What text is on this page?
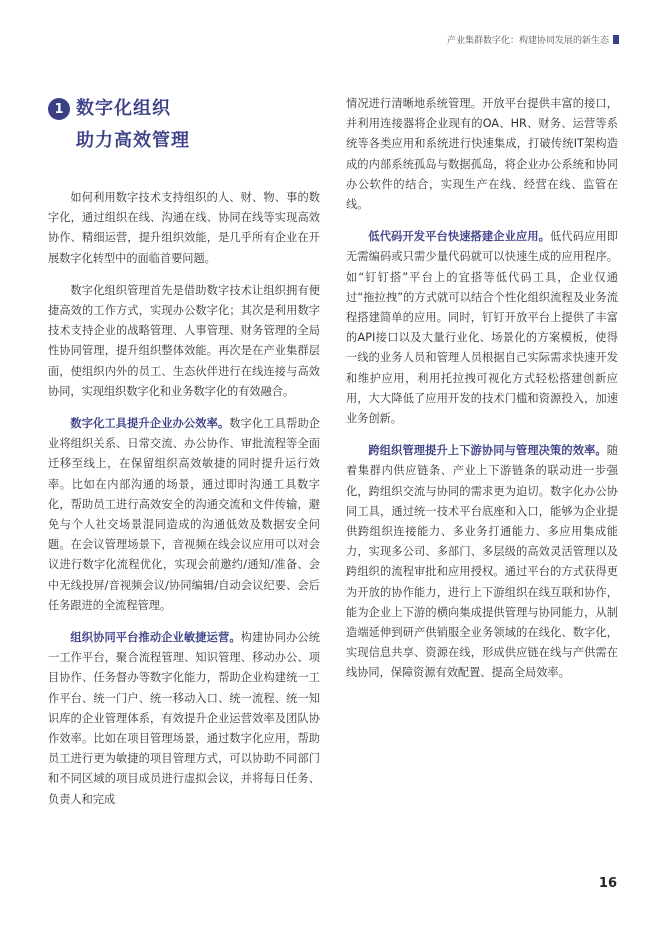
产业集群数字化：构建协同发展的新生态
1 数字化组织
助力高效管理

如何利用数字技术支持组织的人、财、物、事的数字化，通过组织在线、沟通在线、协同在线等实现高效协作、精细运营，提升组织效能，是几乎所有企业在开展数字化转型中的面临首要问题。

数字化组织管理首先是借助数字技术让组织拥有便捷高效的工作方式，实现办公数字化；其次是利用数字技术支持企业的战略管理、人事管理、财务管理的全局性协同管理，提升组织整体效能。再次是在产业集群层面，使组织内外的员工、生态伙伴进行在线连接与高效协同，实现组织数字化和业务数字化的有效融合。

数字化工具提升企业办公效率。数字化工具帮助企业将组织关系、日常交流、办公协作、审批流程等全面迁移至线上，在保留组织高效敏捷的同时提升运行效率。比如在内部沟通的场景，通过即时沟通工具数字化，帮助员工进行高效安全的沟通交流和文件传输，避免与个人社交场景混同造成的沟通低效及数据安全问题。在会议管理场景下，音视频在线会议应用可以对会议进行数字化流程优化，实现会前邀约/通知/准备、会中无线投屏/音视频会议/协同编辑/自动会议纪要、会后任务跟进的全流程管理。

组织协同平台推动企业敏捷运营。构建协同办公统一工作平台，聚合流程管理、知识管理、移动办公、项目协作、任务督办等数字化能力，帮助企业构建统一工作平台、统一门户、统一移动入口、统一流程、统一知识库的企业管理体系，有效提升企业运营效率及团队协作效率。比如在项目管理场景，通过数字化应用，帮助员工进行更为敏捷的项目管理方式，可以协助不同部门和不同区域的项目成员进行虚拟会议，并将每日任务、负责人和完成

情况进行清晰地系统管理。开放平台提供丰富的接口，并利用连接器将企业现有的OA、HR、财务、运营等系统等各类应用和系统进行快速集成，打破传统IT架构造成的内部系统孤岛与数据孤岛，将企业办公系统和协同办公软件的结合，实现生产在线、经营在线、监管在线。

低代码开发平台快速搭建企业应用。低代码应用即无需编码或只需少量代码就可以快速生成的应用程序。如“钉钉搭”平台上的宜搭等低代码工具，企业仅通过“拖拉拽”的方式就可以结合个性化组织流程及业务流程搭建简单的应用。同时，钉钉开放平台上提供了丰富的API接口以及大量行业化、场景化的方案模板，使得一线的业务人员和管理人员根据自己实际需求快速开发和维护应用，利用托拉拽可视化方式轻松搭建创新应用，大大降低了应用开发的技术门槛和资源投入，加速业务创新。

跨组织管理提升上下游协同与管理决策的效率。随着集群内供应链条、产业上下游链条的联动进一步强化，跨组织交流与协同的需求更为迫切。数字化办公协同工具，通过统一技术平台底座和入口，能够为企业提供跨组织连接能力、多业务打通能力、多应用集成能力，实现多公司、多部门、多层级的高效灵活管理以及跨组织的流程审批和应用授权。通过平台的方式获得更为开放的协作能力，进行上下游组织在线互联和协作，能为企业上下游的横向集成提供管理与协同能力，从制造端延伸到研产供销服全业务领域的在线化、数字化，实现信息共享、资源在线，形成供应链在线与产供需在线协同，保障资源有效配置、提高全局效率。

16
